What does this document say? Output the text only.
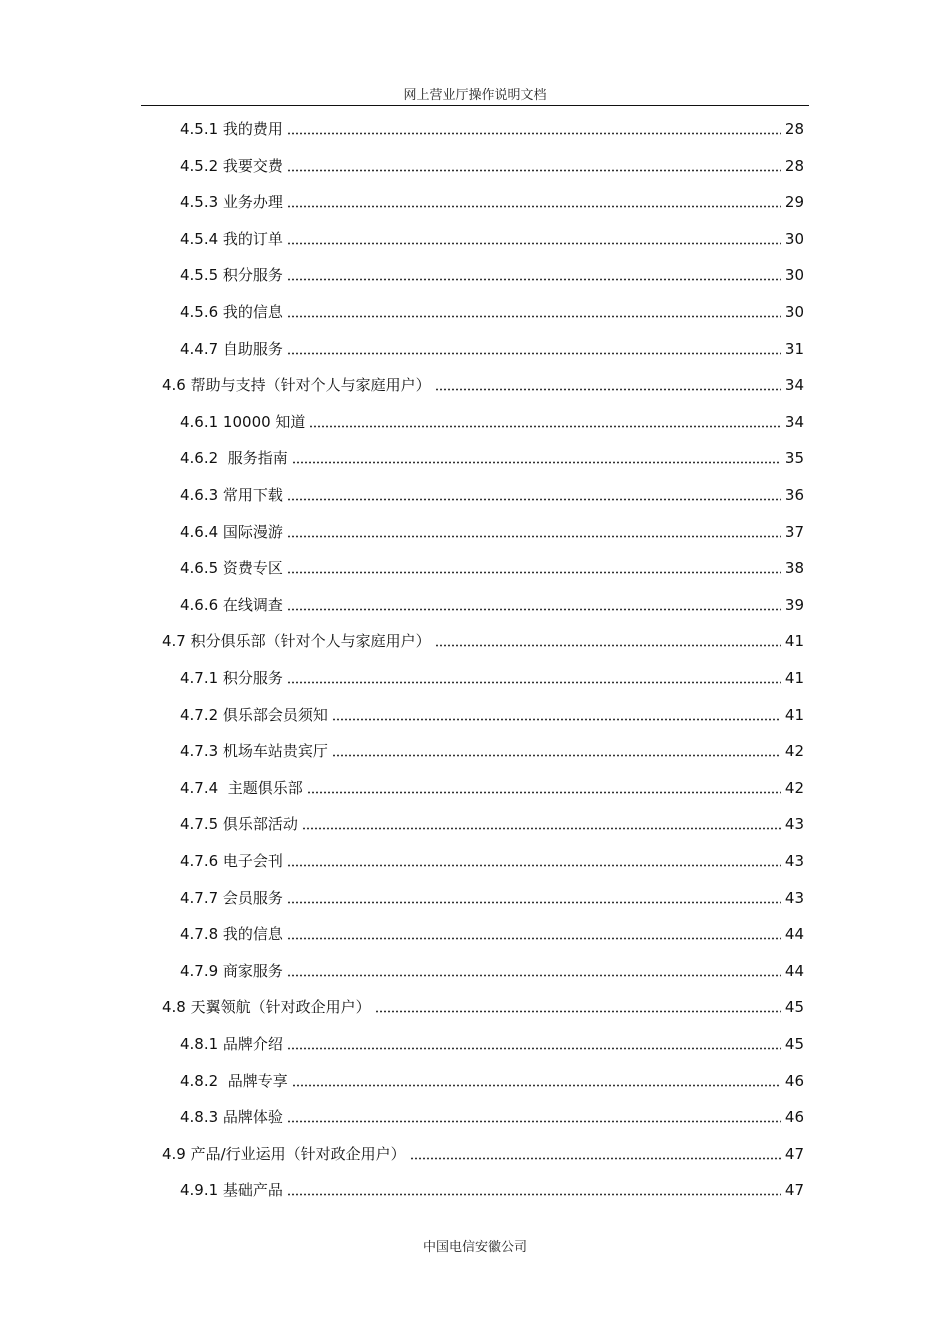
网上营业厅操作说明文档
4.5.1 我的费用	28
4.5.2 我要交费	28
4.5.3 业务办理	29
4.5.4 我的订单	30
4.5.5 积分服务	30
4.5.6 我的信息	30
4.4.7 自助服务	31
4.6 帮助与支持（针对个人与家庭用户）	34
4.6.1 10000 知道	34
4.6.2  服务指南	35
4.6.3 常用下载	36
4.6.4 国际漫游	37
4.6.5 资费专区	38
4.6.6 在线调查	39
4.7 积分俱乐部（针对个人与家庭用户）	41
4.7.1 积分服务	41
4.7.2 俱乐部会员须知	41
4.7.3 机场车站贵宾厅	42
4.7.4  主题俱乐部	42
4.7.5 俱乐部活动	43
4.7.6 电子会刊	43
4.7.7 会员服务	43
4.7.8 我的信息	44
4.7.9 商家服务	44
4.8 天翼领航（针对政企用户）	45
4.8.1 品牌介绍	45
4.8.2  品牌专享	46
4.8.3 品牌体验	46
4.9 产品/行业运用（针对政企用户）	47
4.9.1 基础产品	47
中国电信安徽公司
